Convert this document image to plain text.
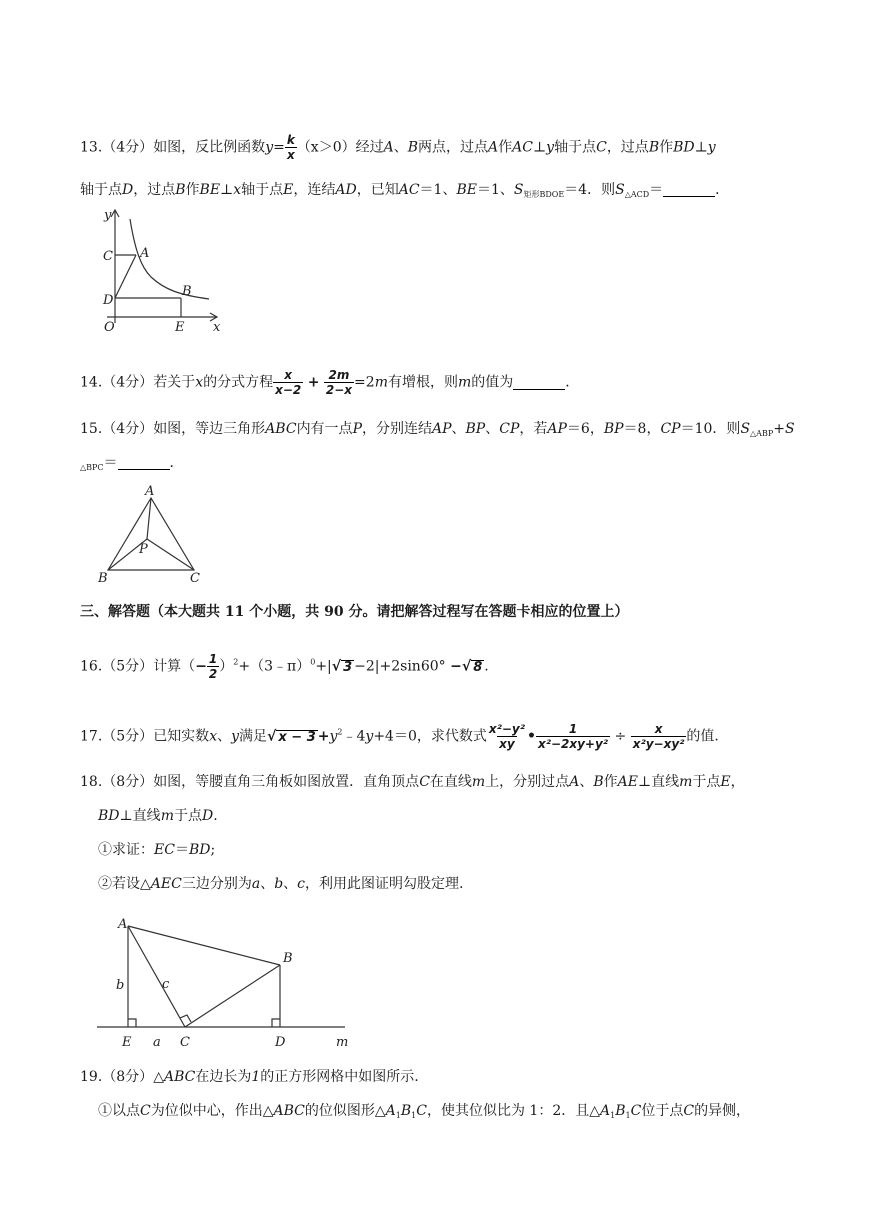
13.（4分）如图，反比例函数$y= \frac{k}{x} (x>0)$经过A、B两点，过点A作AC⊥y轴于点C，过点B作BD⊥y
轴于点D，过点B作BE⊥x轴于点E，连结AD，已知AC＝1、BE＝1、$S_{矩形BDOE}=4$．则$S_{\triangle ACD}=$	．
y
x
C A
D
B
O	E
14.（4分）若关于x的分式方程 $\frac{x}{x-2} + \frac{2m}{2-x} =2m$有增根，则m的值为	．
15.（4分）如图，等边三角形ABC内有一点P，分别连结AP、BP、CP，若AP＝6，BP＝8，CP＝10．则$S_{\triangle ABP}+S$
$_{\triangle BPC}$＝	．
A
P
B	C
三、解答题（本大题共 11 个小题，共 90 分。请把解答过程写在答题卡相应的位置上）
16.（5分）计算（− $\frac{1}{2}$ ）$^2$+（3﹣π）$^0$+|√ 3 −2|+2sin60° −√ 8 .
17.（5分）已知实数x、y满足√ $x - 3 +y^2﹣4y+4=0$，求代数式 $\frac{\text{x²−y²}}{xy}$ • $\frac{1}{\text{x²−2xy+y²}} \div \frac{x}{\text{x²y−xy²}}$ 的值.
18.（8分）如图，等腰直角三角板如图放置．直角顶点C在直线m上，分别过点A、B作AE⊥直线m于点E，
BD⊥直线m于点D.
①求证：EC＝BD;
②若设△AEC三边分别为a、b、c，利用此图证明勾股定理.
A
B
b	c
E a C	D	m
19.（8分）△ABC在边长为1的正方形网格中如图所示.
①以点C为位似中心，作出△ABC的位似图形$\triangle A_1B_1C$，使其位似比为 1：2．且$\triangle A_1B_1C$位于点C的异侧，
